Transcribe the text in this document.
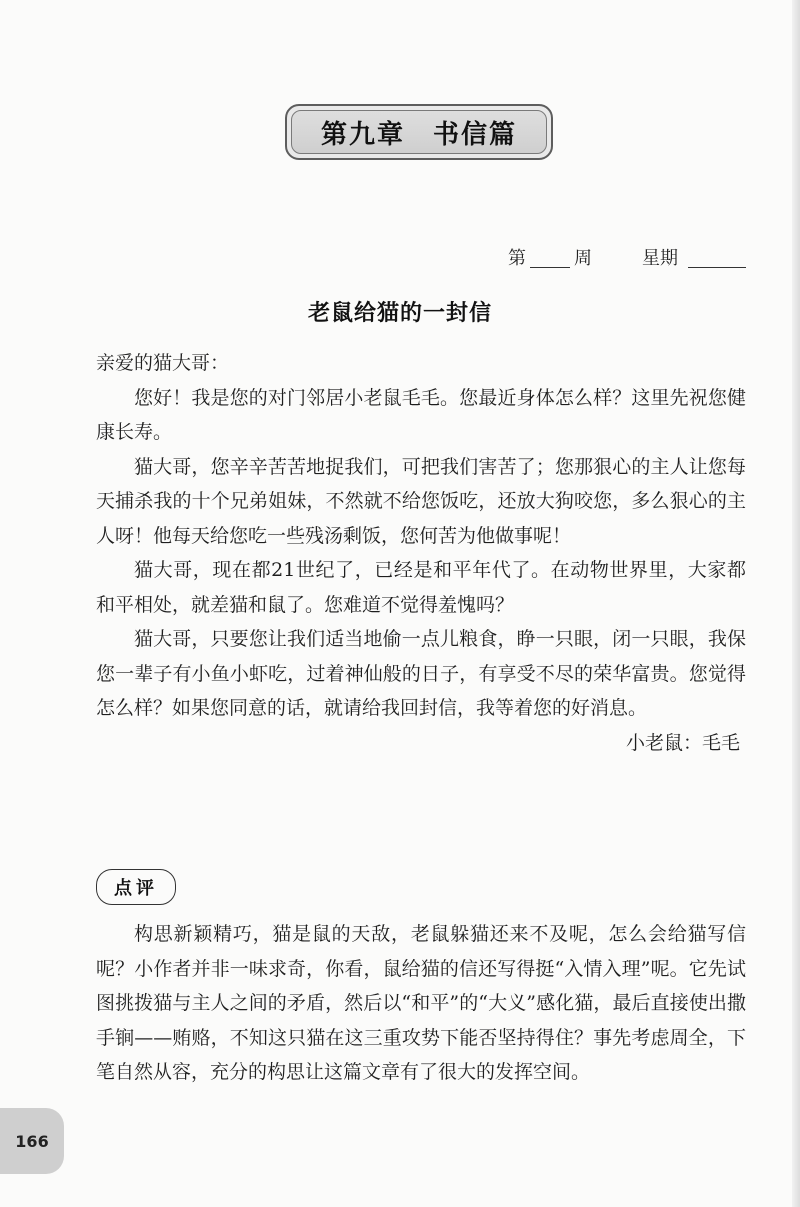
第九章　书信篇
第	周	星期
老鼠给猫的一封信

亲爱的猫大哥：

您好！我是您的对门邻居小老鼠毛毛。您最近身体怎么样？这里先祝您健康长寿。

猫大哥，您辛辛苦苦地捉我们，可把我们害苦了；您那狠心的主人让您每天捕杀我的十个兄弟姐妹，不然就不给您饭吃，还放大狗咬您，多么狠心的主人呀！他每天给您吃一些残汤剩饭，您何苦为他做事呢！

猫大哥，现在都21世纪了，已经是和平年代了。在动物世界里，大家都和平相处，就差猫和鼠了。您难道不觉得羞愧吗？

猫大哥，只要您让我们适当地偷一点儿粮食，睁一只眼，闭一只眼，我保您一辈子有小鱼小虾吃，过着神仙般的日子，有享受不尽的荣华富贵。您觉得怎么样？如果您同意的话，就请给我回封信，我等着您的好消息。

小老鼠：毛毛

点评

构思新颖精巧，猫是鼠的天敌，老鼠躲猫还来不及呢，怎么会给猫写信呢？小作者并非一味求奇，你看，鼠给猫的信还写得挺“入情入理”呢。它先试图挑拨猫与主人之间的矛盾，然后以“和平”的“大义”感化猫，最后直接使出撒手锏——贿赂，不知这只猫在这三重攻势下能否坚持得住？事先考虑周全，下笔自然从容，充分的构思让这篇文章有了很大的发挥空间。

166
